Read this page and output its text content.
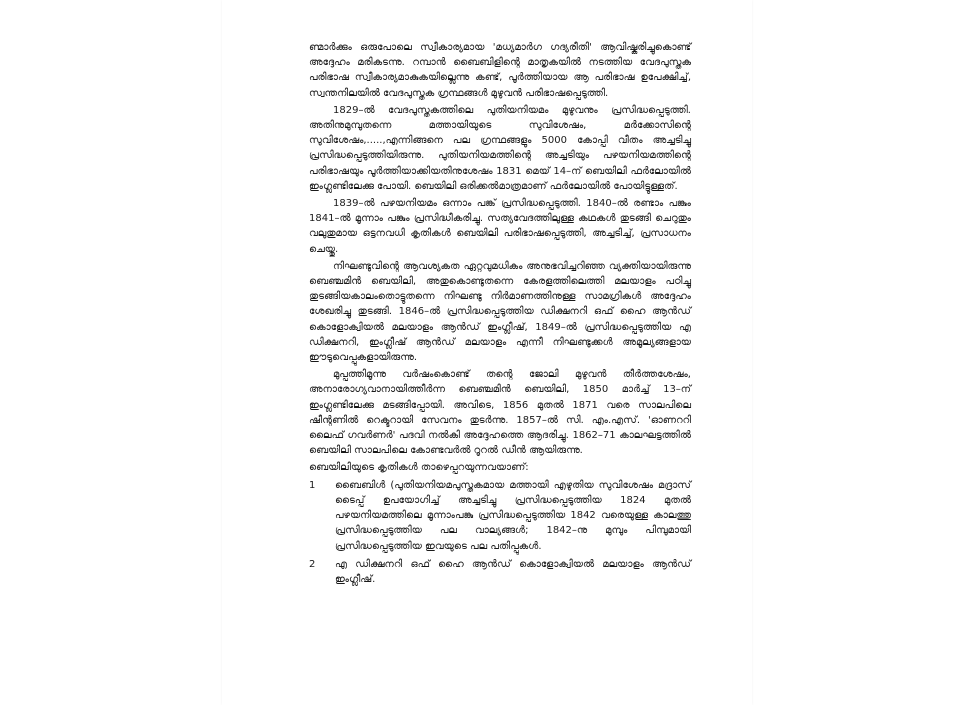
ണ്മാർക്കും ഒരുപോലെ സ്വീകാര്യമായ 'മധ്യമാർഗ ഗദ്യരീതി' ആവിഷ്കരിച്ചുകൊണ്ട് അദ്ദേഹം മരികടന്നു. റമ്പാൻ ബൈബിളിന്റെ മാതൃകയിൽ നടത്തിയ വേദപുസ്തക പരിഭാഷ സ്വീകാര്യമാകുകയില്ലെന്നു കണ്ട്, പൂർത്തിയായ ആ പരിഭാഷ ഉപേക്ഷിച്ച്, സ്വന്തനിലയിൽ വേദപുസ്തക ഗ്രന്ഥങ്ങൾ മുഴുവൻ പരിഭാഷപ്പെടുത്തി.

1829–ൽ വേദപുസ്തകത്തിലെ പുതിയനിയമം മുഴുവനും പ്രസിദ്ധപ്പെടുത്തി. അതിനുമുമ്പുതന്നെ മത്തായിയുടെ സുവിശേഷം, മർക്കോസിന്റെ സുവിശേഷം,.....,എന്നിങ്ങനെ പല ഗ്രന്ഥങ്ങളും 5000 കോപ്പി വീതം അച്ചടിച്ചു പ്രസിദ്ധപ്പെടുത്തിയിരുന്നു. പുതിയനിയമത്തിന്റെ അച്ചടിയും പഴയനിയമത്തിന്റെ പരിഭാഷയും പൂർത്തിയാക്കിയതിനുശേഷം 1831 മെയ് 14–ന് ബെയിലി ഫർലോയിൽ ഇംഗ്ലണ്ടിലേക്കു പോയി. ബെയിലി ഒരിക്കൽമാത്രമാണ് ഫർലോയിൽ പോയിട്ടുള്ളത്.

1839–ൽ പഴയനിയമം ഒന്നാം പങ്ക് പ്രസിദ്ധപ്പെടുത്തി. 1840–ൽ രണ്ടാം പങ്കും 1841–ൽ മൂന്നാം പങ്കും പ്രസിദ്ധീകരിച്ചു. സത്യവേദത്തിലുള്ള കഥകൾ തുടങ്ങി ചെറുതും വലുതുമായ ഒട്ടനവധി കൃതികൾ ബെയിലി പരിഭാഷപ്പെടുത്തി, അച്ചടിച്ച്, പ്രസാധനം ചെയ്തു.

നിഘണ്ടുവിന്റെ ആവശ്യകത ഏറ്റവുമധികം അനുഭവിച്ചറിഞ്ഞ വ്യക്തിയായിരുന്നു ബെഞ്ചമിൻ ബെയിലി, അതുകൊണ്ടുതന്നെ കേരളത്തിലെത്തി മലയാളം പഠിച്ചു തുടങ്ങിയകാലംതൊട്ടുതന്നെ നിഘണ്ടു നിർമാണത്തിനുള്ള സാമഗ്രികൾ അദ്ദേഹം ശേഖരിച്ചു തുടങ്ങി. 1846–ൽ പ്രസിദ്ധപ്പെടുത്തിയ ഡിക്ഷനറി ഒഫ് ഹൈ ആൻഡ് കൊളോക്വിയൽ മലയാളം ആൻഡ് ഇംഗ്ലീഷ്, 1849–ൽ പ്രസിദ്ധപ്പെടുത്തിയ എ ഡിക്ഷനറി, ഇംഗ്ലീഷ് ആൻഡ് മലയാളം എന്നീ നിഘണ്ടുക്കൾ അമൂല്യങ്ങളായ ഈടുവെപ്പുകളായിരുന്നു.

മുപ്പത്തിമൂന്നു വർഷംകൊണ്ട് തന്റെ ജോലി മുഴുവൻ തീർത്തശേഷം, അനാരോഗ്യവാനായിത്തീർന്ന ബെഞ്ചമിൻ ബെയിലി, 1850 മാർച്ച് 13–ന് ഇംഗ്ലണ്ടിലേക്കു മടങ്ങിപ്പോയി. അവിടെ, 1856 മുതൽ 1871 വരെ സാലപിലെ ഷീന്റണിൽ റെക്ടറായി സേവനം തുടർന്നു. 1857–ൽ സി. എം.എസ്. 'ഓണററി ലൈഫ് ഗവർണർ' പദവി നൽകി അദ്ദേഹത്തെ ആദരിച്ചു. 1862–71 കാലഘട്ടത്തിൽ ബെയിലി സാലപിലെ കോണ്ടവർൽ റൂറൽ ഡീൻ ആയിരുന്നു.

ബെയിലിയുടെ കൃതികൾ താഴെപ്പറയുന്നവയാണ്:

1	ബൈബിൾ (പുതിയനിയമപുസ്തകമായ മത്തായി എഴുതിയ സുവിശേഷം മദ്രാസ് ടൈപ്പ് ഉപയോഗിച്ച് അച്ചടിച്ചു പ്രസിദ്ധപ്പെടുത്തിയ 1824 മുതൽ പഴയനിയമത്തിലെ മൂന്നാംപങ്കു പ്രസിദ്ധപ്പെടുത്തിയ 1842 വരെയുള്ള കാലത്തു പ്രസിദ്ധപ്പെടുത്തിയ പല വാല്യങ്ങൾ; 1842–നു മുമ്പും പിമ്പുമായി പ്രസിദ്ധപ്പെടുത്തിയ ഇവയുടെ പല പതിപ്പുകൾ.
2	എ ഡിക്ഷനറി ഒഫ് ഹൈ ആൻഡ് കൊളോക്വിയൽ മലയാളം ആൻഡ് ഇംഗ്ലീഷ്.
